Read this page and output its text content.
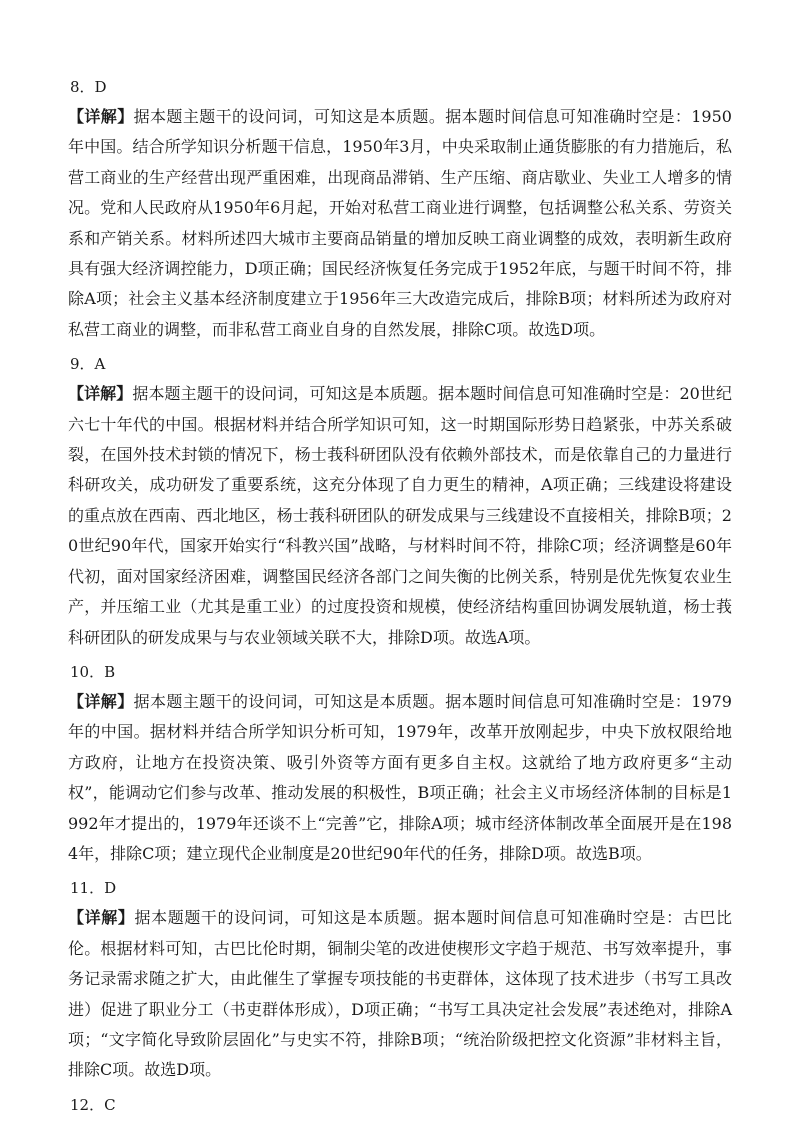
8．D

【详解】据本题主题干的设问词，可知这是本质题。据本题时间信息可知准确时空是：1950年中国。结合所学知识分析题干信息，1950年3月，中央采取制止通货膨胀的有力措施后，私营工商业的生产经营出现严重困难，出现商品滞销、生产压缩、商店歇业、失业工人增多的情况。党和人民政府从1950年6月起，开始对私营工商业进行调整，包括调整公私关系、劳资关系和产销关系。材料所述四大城市主要商品销量的增加反映工商业调整的成效，表明新生政府具有强大经济调控能力，D项正确；国民经济恢复任务完成于1952年底，与题干时间不符，排除A项；社会主义基本经济制度建立于1956年三大改造完成后，排除B项；材料所述为政府对私营工商业的调整，而非私营工商业自身的自然发展，排除C项。故选D项。

9．A

【详解】据本题主题干的设问词，可知这是本质题。据本题时间信息可知准确时空是：20世纪六七十年代的中国。根据材料并结合所学知识可知，这一时期国际形势日趋紧张，中苏关系破裂，在国外技术封锁的情况下，杨士莪科研团队没有依赖外部技术，而是依靠自己的力量进行科研攻关，成功研发了重要系统，这充分体现了自力更生的精神，A项正确；三线建设将建设的重点放在西南、西北地区，杨士莪科研团队的研发成果与三线建设不直接相关，排除B项；20世纪90年代，国家开始实行“科教兴国”战略，与材料时间不符，排除C项；经济调整是60年代初，面对国家经济困难，调整国民经济各部门之间失衡的比例关系，特别是优先恢复农业生产，并压缩工业（尤其是重工业）的过度投资和规模，使经济结构重回协调发展轨道，杨士莪科研团队的研发成果与与农业领域关联不大，排除D项。故选A项。

10．B

【详解】据本题主题干的设问词，可知这是本质题。据本题时间信息可知准确时空是：1979年的中国。据材料并结合所学知识分析可知，1979年，改革开放刚起步，中央下放权限给地方政府，让地方在投资决策、吸引外资等方面有更多自主权。这就给了地方政府更多“主动权”，能调动它们参与改革、推动发展的积极性，B项正确；社会主义市场经济体制的目标是1992年才提出的，1979年还谈不上“完善”它，排除A项；城市经济体制改革全面展开是在1984年，排除C项；建立现代企业制度是20世纪90年代的任务，排除D项。故选B项。

11．D

【详解】据本题题干的设问词，可知这是本质题。据本题时间信息可知准确时空是：古巴比伦。根据材料可知，古巴比伦时期，铜制尖笔的改进使楔形文字趋于规范、书写效率提升，事务记录需求随之扩大，由此催生了掌握专项技能的书吏群体，这体现了技术进步（书写工具改进）促进了职业分工（书吏群体形成），D项正确；“书写工具决定社会发展”表述绝对，排除A项；“文字简化导致阶层固化”与史实不符，排除B项；“统治阶级把控文化资源”非材料主旨，排除C项。故选D项。

12．C
